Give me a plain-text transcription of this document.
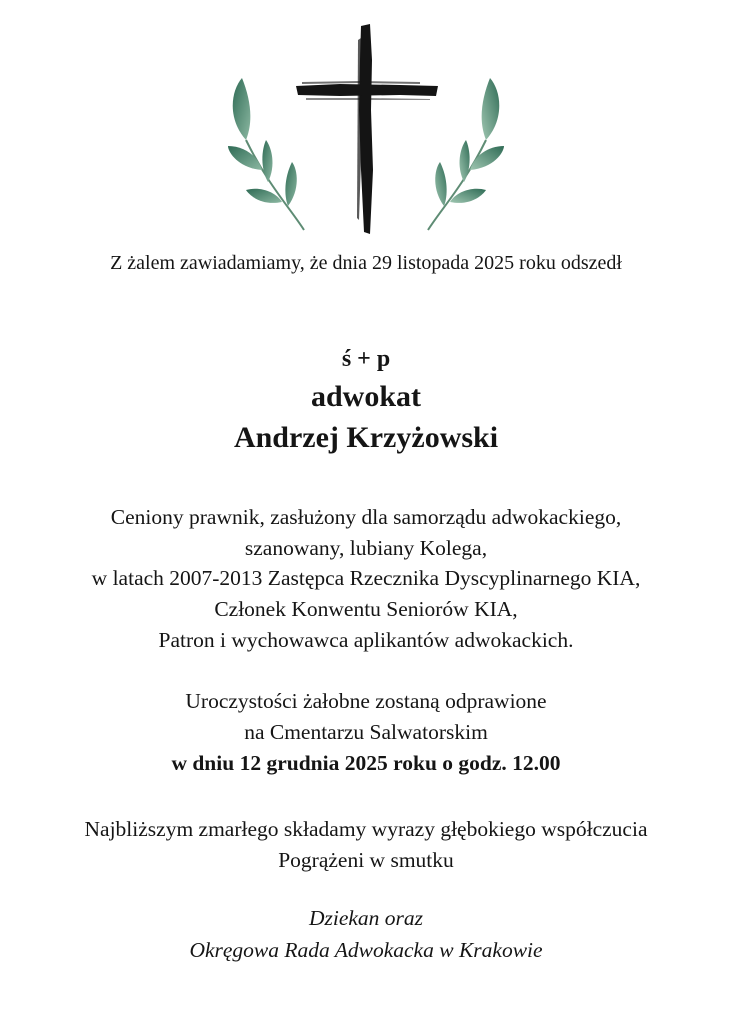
Z żalem zawiadamiamy, że dnia 29 listopada 2025 roku odszedł
ś + p
adwokat
Andrzej Krzyżowski
Ceniony prawnik, zasłużony dla samorządu adwokackiego,
szanowany, lubiany Kolega,
w latach 2007-2013 Zastępca Rzecznika Dyscyplinarnego KIA,
Członek Konwentu Seniorów KIA,
Patron i wychowawca aplikantów adwokackich.
Uroczystości żałobne zostaną odprawione
na Cmentarzu Salwatorskim
w dniu 12 grudnia 2025 roku o godz. 12.00
Najbliższym zmarłego składamy wyrazy głębokiego współczucia
Pogrążeni w smutku
Dziekan oraz
Okręgowa Rada Adwokacka w Krakowie
